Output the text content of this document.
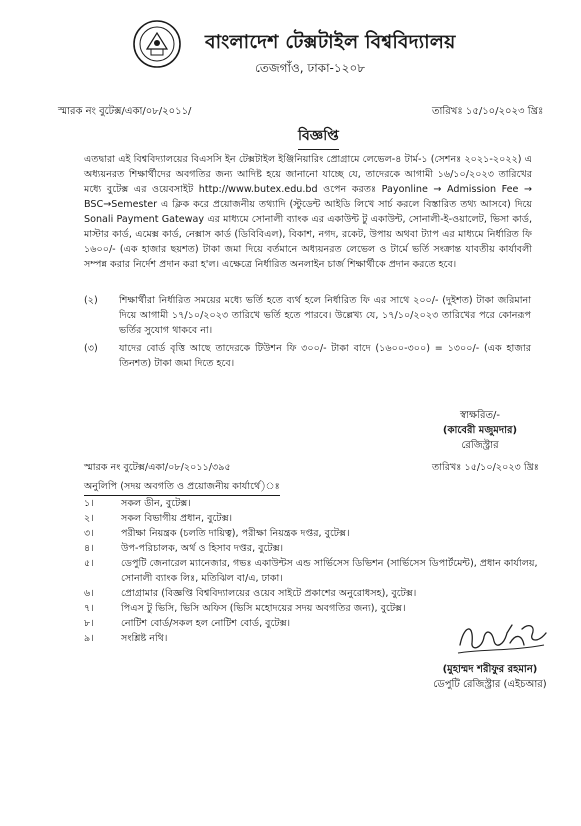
বাংলাদেশ টেক্সটাইল বিশ্ববিদ্যালয়
তেজগাঁও, ঢাকা-১২০৮
স্মারক নং বুটেক্স/একা/০৮/২০১১/	তারিখঃ ১৫/১০/২০২৩ খ্রিঃ
বিজ্ঞপ্তি
এতদ্বারা এই বিশ্ববিদ্যালয়ের বিএসসি ইন টেক্সটাইল ইঞ্জিনিয়ারিং প্রোগ্রামে লেভেল-৪ টার্ম-১ (সেশনঃ ২০২১-২০২২) এ অধ্যয়নরত শিক্ষার্থীদের অবগতির জন্য আদিষ্ট হয়ে জানানো যাচ্ছে যে, তাদেরকে আগামী ১৬/১০/২০২৩ তারিখের মধ্যে বুটেক্স এর ওয়েবসাইট http://www.butex.edu.bd ওপেন করতঃ Payonline → Admission Fee → BSC→Semester এ ক্লিক করে প্রয়োজনীয় তথ্যাদি (স্টুডেন্ট আইডি লিখে সার্চ করলে বিস্তারিত তথ্য আসবে) দিয়ে Sonali Payment Gateway এর মাধ্যমে সোনালী ব্যাংক এর একাউন্ট টু একাউন্ট, সোনালী-ই-ওয়ালেট, ভিসা কার্ড, মাস্টার কার্ড, এমেক্স কার্ড, নেক্সাস কার্ড (ডিবিবিএল), বিকাশ, নগদ, রকেট, উপায় অথবা ট্যাপ এর মাধ্যমে নির্ধারিত ফি ১৬০০/- (এক হাজার ছয়শত) টাকা জমা দিয়ে বর্তমানে অধ্যয়নরত লেভেল ও টার্মে ভর্তি সংক্রান্ত যাবতীয় কার্যাবলী সম্পন্ন করার নির্দেশ প্রদান করা হ'ল। এক্ষেত্রে নির্ধারিত অনলাইন চার্জ শিক্ষার্থীকে প্রদান করতে হবে।
(২) শিক্ষার্থীরা নির্ধারিত সময়ের মধ্যে ভর্তি হতে ব্যর্থ হলে নির্ধারিত ফি এর সাথে ২০০/- (দুইশত) টাকা জরিমানা দিয়ে আগামী ১৭/১০/২০২৩ তারিখে ভর্তি হতে পারবে। উল্লেখ্য যে, ১৭/১০/২০২৩ তারিখের পরে কোনরূপ ভর্তির সুযোগ থাকবে না।
(৩) যাদের বোর্ড বৃত্তি আছে তাদেরকে টিউশন ফি ৩০০/- টাকা বাদে (১৬০০-৩০০) = ১৩০০/- (এক হাজার তিনশত) টাকা জমা দিতে হবে।
স্বাক্ষরিত/-
(কাবেরী মজুমদার)
রেজিস্ট্রার
স্মারক নং বুটেক্স/একা/০৮/২০১১/৩৯৫	তারিখঃ ১৫/১০/২০২৩ খ্রিঃ
অনুলিপি (সদয় অবগতি ও প্রয়োজনীয় কার্যার্থে)ঃ
১।	সকল ডীন, বুটেক্স।
২।	সকল বিভাগীয় প্রধান, বুটেক্স।
৩।	পরীক্ষা নিয়ন্ত্রক (চলতি দায়িত্ব), পরীক্ষা নিয়ন্ত্রক দপ্তর, বুটেক্স।
৪।	উপ-পরিচালক, অর্থ ও হিসাব দপ্তর, বুটেক্স।
৫।	ডেপুটি জেনারেল ম্যানেজার, গভঃ একাউন্টস এন্ড সার্ভিসেস ডিভিশন (সার্ভিসেস ডিপার্টমেন্ট), প্রধান কার্যালয়, সোনালী ব্যাংক লিঃ, মতিঝিল বা/এ, ঢাকা।
৬।	প্রোগ্রামার (বিজ্ঞপ্তি বিশ্ববিদ্যালয়ের ওয়েব সাইটে প্রকাশের অনুরোধসহ), বুটেক্স।
৭।	পিএস টু ভিসি, ভিসি অফিস (ভিসি মহোদয়ের সদয় অবগতির জন্য), বুটেক্স।
৮।	নোটিশ বোর্ড/সকল হল নোটিশ বোর্ড, বুটেক্স।
৯।	সংশ্লিষ্ট নথি।
(মুহাম্মদ শরীফুর রহমান)
ডেপুটি রেজিস্ট্রার (এইচআর)
